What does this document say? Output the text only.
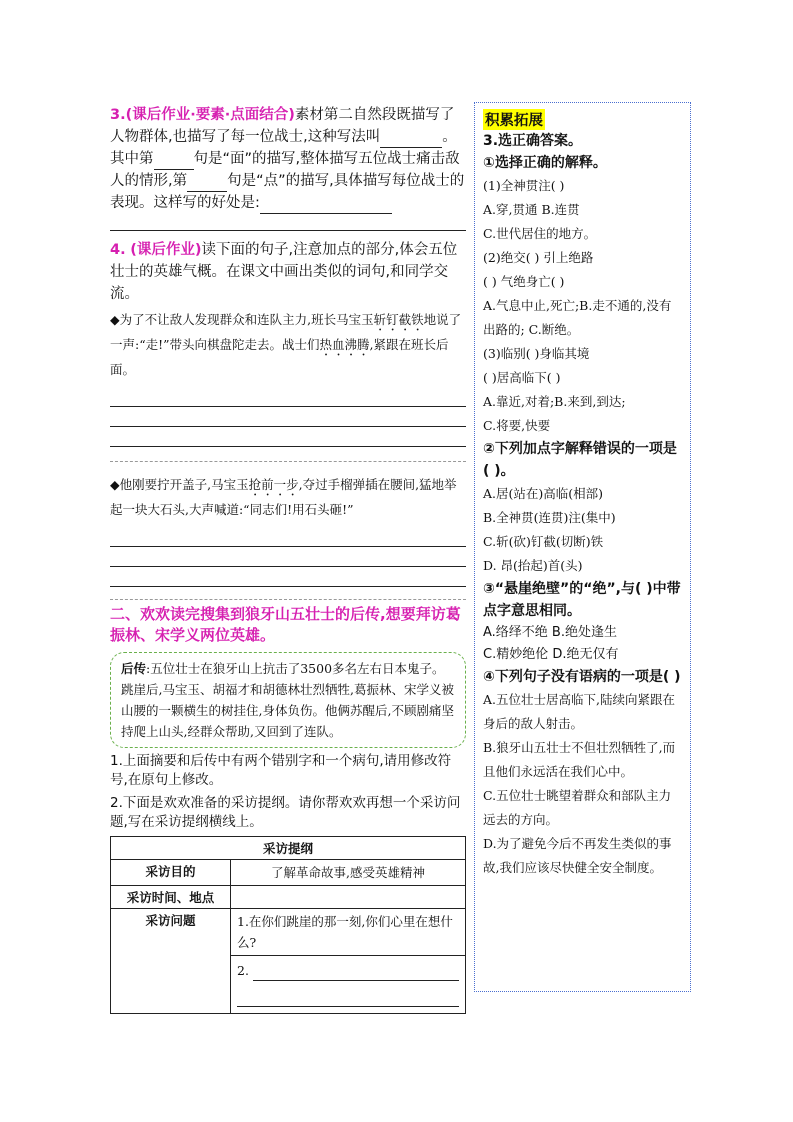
3.(课后作业·要素·点面结合)素材第二自然段既描写了人物群体,也描写了每一位战士,这种写法叫	。其中第	句是“面”的描写,整体描写五位战士痛击敌人的情形,第	句是“点”的描写,具体描写每位战士的表现。这样写的好处是:
4. (课后作业)读下面的句子,注意加点的部分,体会五位壮士的英雄气概。在课文中画出类似的词句,和同学交流。
◆为了不让敌人发现群众和连队主力,班长马宝玉斩钉截铁地说了一声:“走!”带头向棋盘陀走去。战士们热血沸腾,紧跟在班长后面。
◆他刚要拧开盖子,马宝玉抢前一步,夺过手榴弹插在腰间,猛地举起一块大石头,大声喊道:“同志们!用石头砸!”
二、欢欢读完搜集到狼牙山五壮士的后传,想要拜访葛振林、宋学义两位英雄。
后传:五位壮士在狼牙山上抗击了3500多名左右日本鬼子。跳崖后,马宝玉、胡福才和胡德林壮烈牺牲,葛振林、宋学义被山腰的一颗横生的树挂住,身体负伤。他俩苏醒后,不顾剧痛坚持爬上山头,经群众帮助,又回到了连队。
1.上面摘要和后传中有两个错别字和一个病句,请用修改符号,在原句上修改。
2.下面是欢欢准备的采访提纲。请你帮欢欢再想一个采访问题,写在采访提纲横线上。
采访提纲	
采访目的	了解革命故事,感受英雄精神
采访时间、地点	
采访问题	1.在你们跳崖的那一刻,你们心里在想什么?
2.
积累拓展
3.选正确答案。
①选择正确的解释。
(1)全神贯注( )
A.穿,贯通 B.连贯
C.世代居住的地方。
(2)绝交( ) 引上绝路
( ) 气绝身亡( )
A.气息中止,死亡;B.走不通的,没有出路的; C.断绝。
(3)临别( )身临其境
( )居高临下( )
A.靠近,对着;B.来到,到达;
C.将要,快要
②下列加点字解释错误的一项是( )。
A.居(站在)高临(相部)
B.全神贯(连贯)注(集中)
C.斩(砍)钉截(切断)铁
D. 昂(抬起)首(头)
③“悬崖绝壁”的“绝”,与( )中带点字意思相同。
A.络绎不绝 B.绝处逢生
C.精妙绝伦 D.绝无仅有
④下列句子没有语病的一项是( )
A.五位壮士居高临下,陆续向紧跟在身后的敌人射击。
B.狼牙山五壮士不但壮烈牺牲了,而且他们永远活在我们心中。
C.五位壮士眺望着群众和部队主力远去的方向。
D.为了避免今后不再发生类似的事故,我们应该尽快健全安全制度。
